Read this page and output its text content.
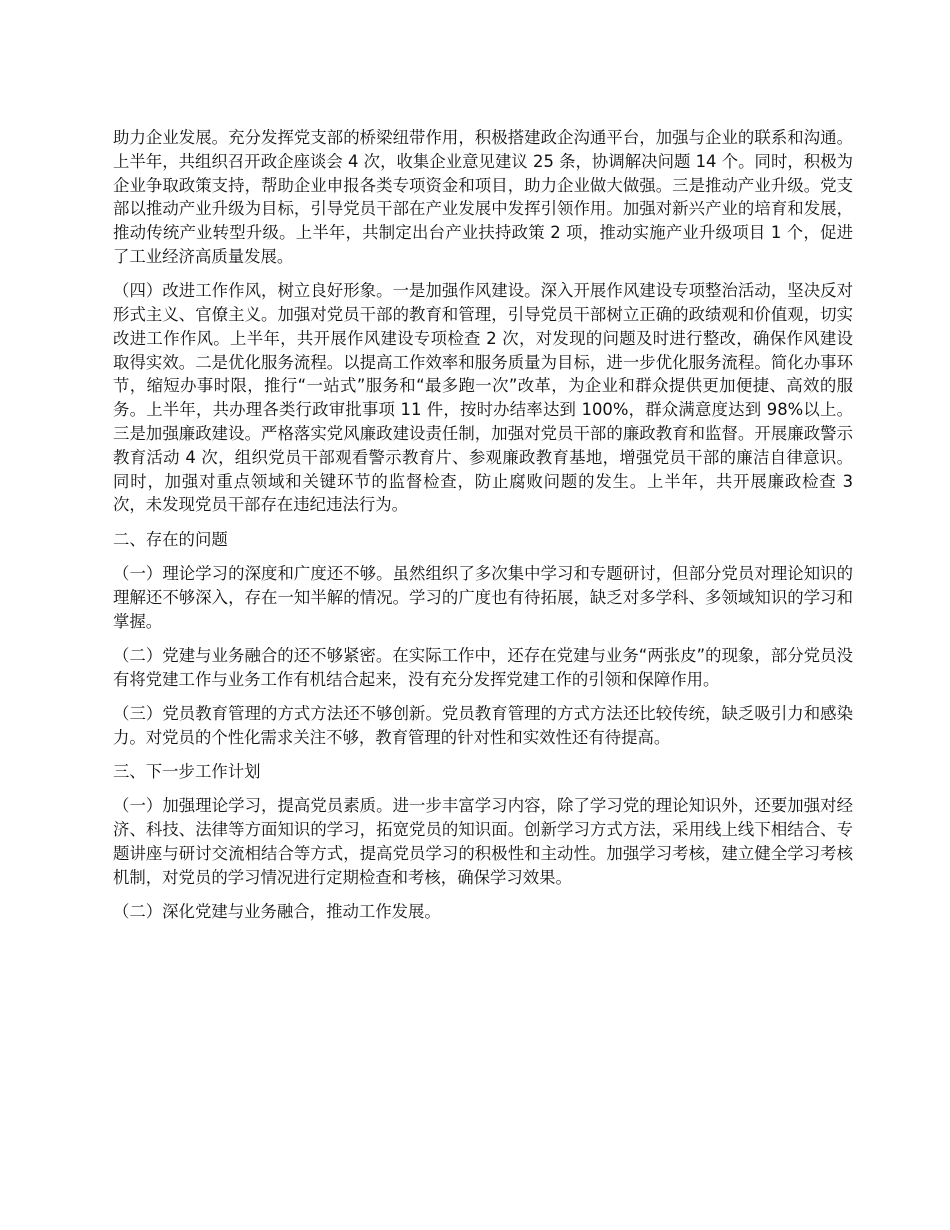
助力企业发展。充分发挥党支部的桥梁纽带作用，积极搭建政企沟通平台，加强与企业的联系和沟通。上半年，共组织召开政企座谈会 4 次，收集企业意见建议 25 条，协调解决问题 14 个。同时，积极为企业争取政策支持，帮助企业申报各类专项资金和项目，助力企业做大做强。三是推动产业升级。党支部以推动产业升级为目标，引导党员干部在产业发展中发挥引领作用。加强对新兴产业的培育和发展，推动传统产业转型升级。上半年，共制定出台产业扶持政策 2 项，推动实施产业升级项目 1 个，促进了工业经济高质量发展。

（四）改进工作作风，树立良好形象。一是加强作风建设。深入开展作风建设专项整治活动，坚决反对形式主义、官僚主义。加强对党员干部的教育和管理，引导党员干部树立正确的政绩观和价值观，切实改进工作作风。上半年，共开展作风建设专项检查 2 次，对发现的问题及时进行整改，确保作风建设取得实效。二是优化服务流程。以提高工作效率和服务质量为目标，进一步优化服务流程。简化办事环节，缩短办事时限，推行“一站式”服务和“最多跑一次”改革，为企业和群众提供更加便捷、高效的服务。上半年，共办理各类行政审批事项 11 件，按时办结率达到 100%，群众满意度达到 98%以上。三是加强廉政建设。严格落实党风廉政建设责任制，加强对党员干部的廉政教育和监督。开展廉政警示教育活动 4 次，组织党员干部观看警示教育片、参观廉政教育基地，增强党员干部的廉洁自律意识。同时，加强对重点领域和关键环节的监督检查，防止腐败问题的发生。上半年，共开展廉政检查 3 次，未发现党员干部存在违纪违法行为。

二、存在的问题

（一）理论学习的深度和广度还不够。虽然组织了多次集中学习和专题研讨，但部分党员对理论知识的理解还不够深入，存在一知半解的情况。学习的广度也有待拓展，缺乏对多学科、多领域知识的学习和掌握。

（二）党建与业务融合的还不够紧密。在实际工作中，还存在党建与业务“两张皮”的现象，部分党员没有将党建工作与业务工作有机结合起来，没有充分发挥党建工作的引领和保障作用。

（三）党员教育管理的方式方法还不够创新。党员教育管理的方式方法还比较传统，缺乏吸引力和感染力。对党员的个性化需求关注不够，教育管理的针对性和实效性还有待提高。

三、下一步工作计划

（一）加强理论学习，提高党员素质。进一步丰富学习内容，除了学习党的理论知识外，还要加强对经济、科技、法律等方面知识的学习，拓宽党员的知识面。创新学习方式方法，采用线上线下相结合、专题讲座与研讨交流相结合等方式，提高党员学习的积极性和主动性。加强学习考核，建立健全学习考核机制，对党员的学习情况进行定期检查和考核，确保学习效果。

（二）深化党建与业务融合，推动工作发展。
